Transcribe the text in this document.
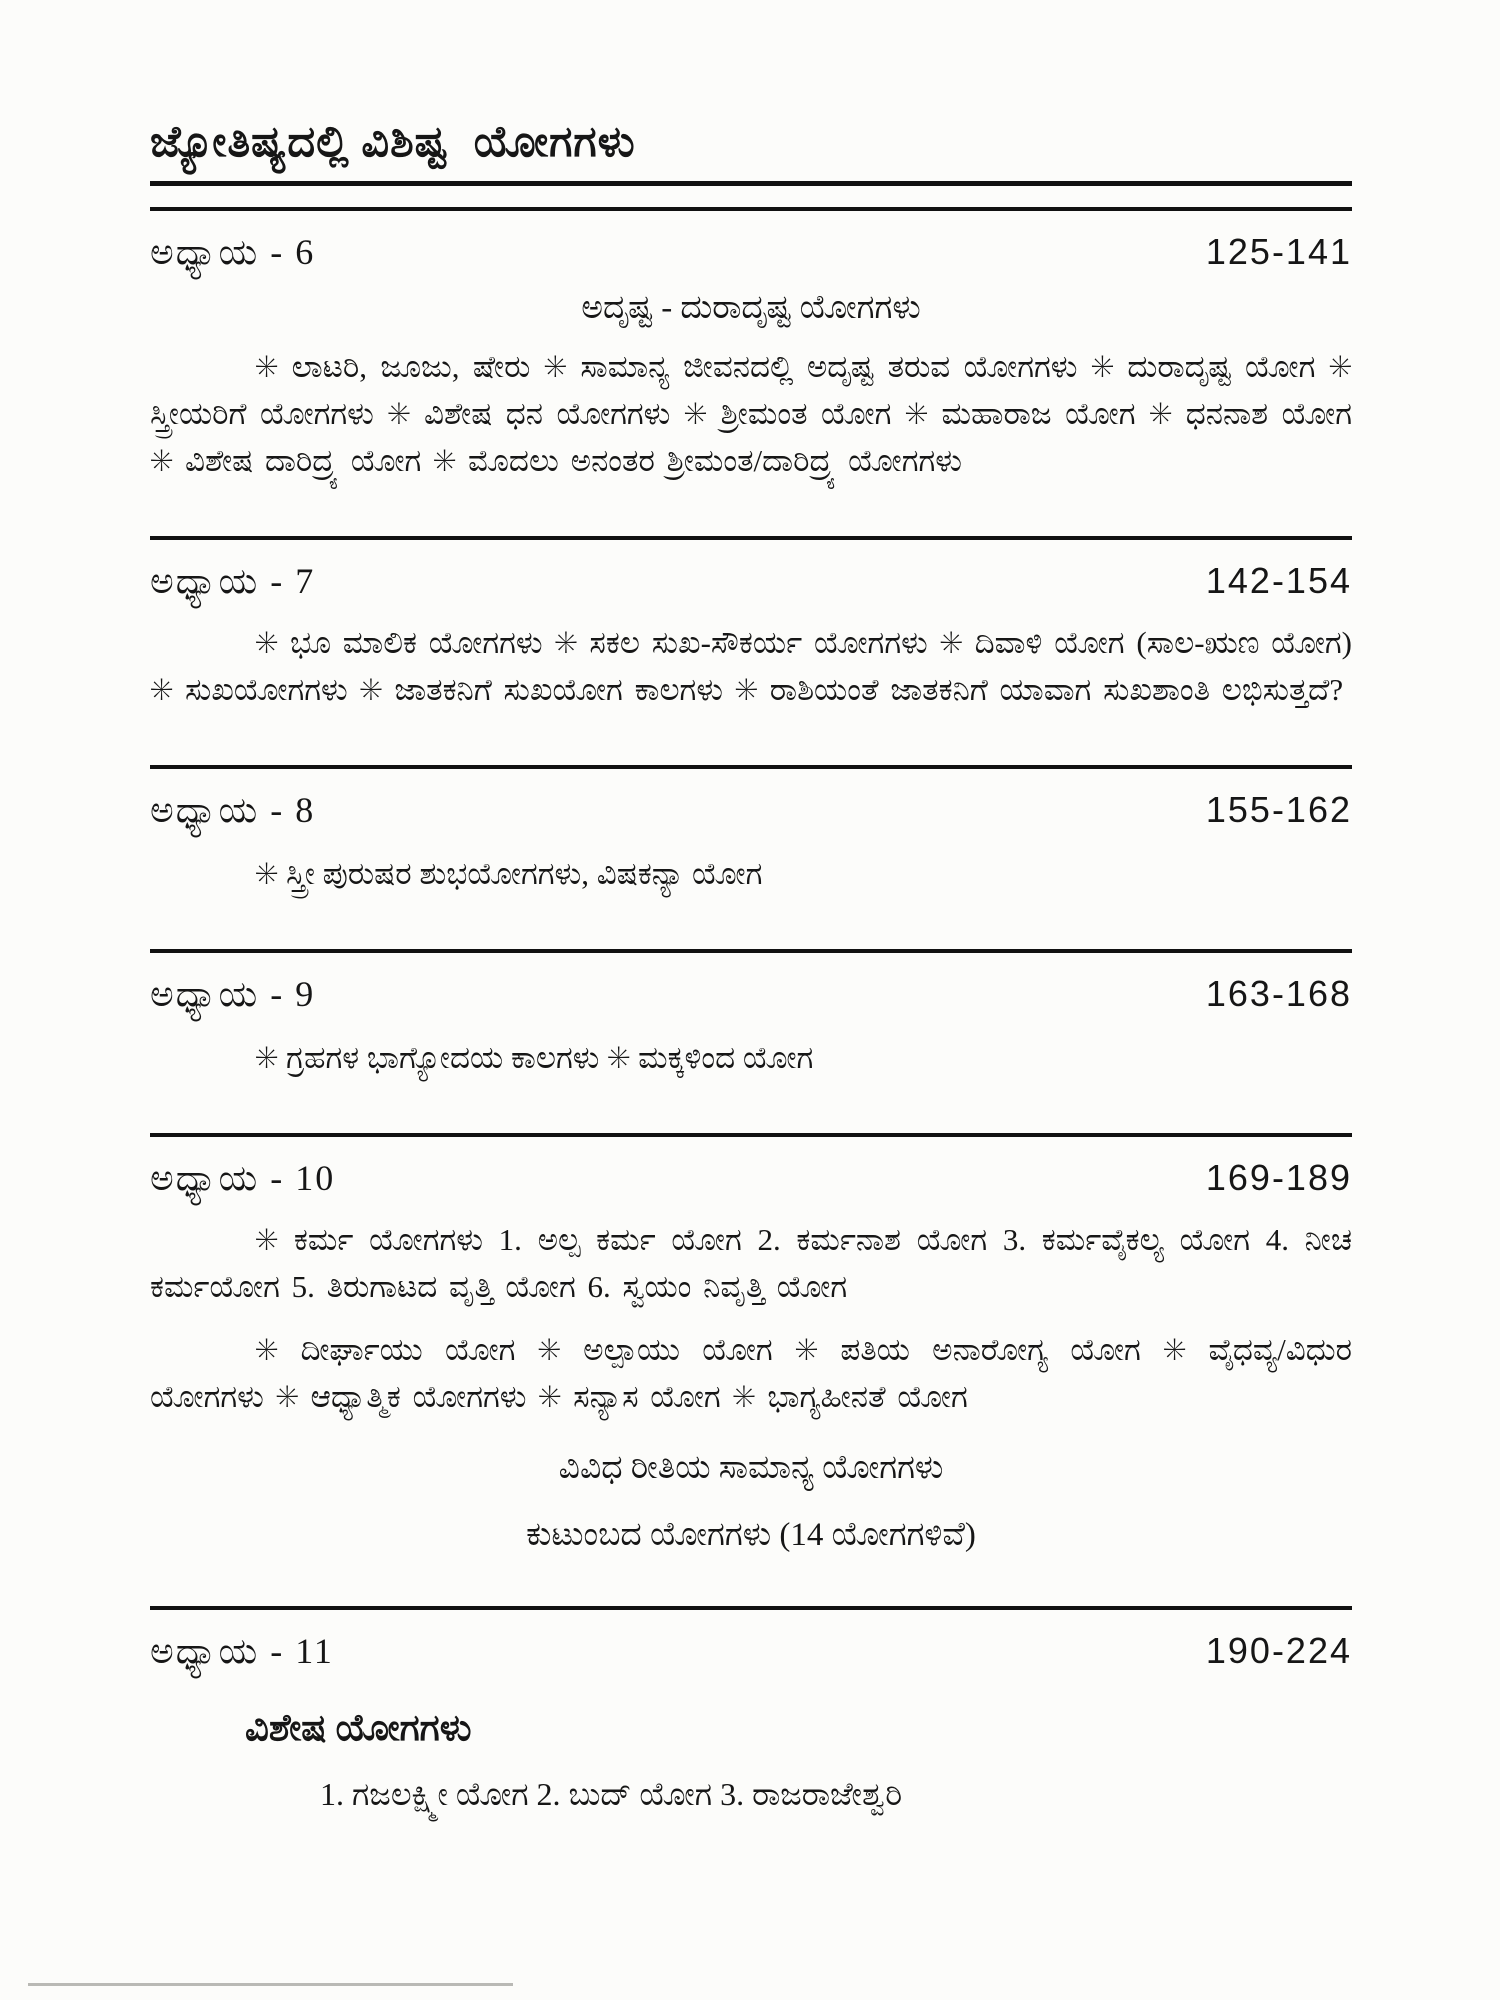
ಜ್ಯೋತಿಷ್ಯದಲ್ಲಿ ವಿಶಿಷ್ಟ ಯೋಗಗಳು
ಅಧ್ಯಾಯ - 6	125-141
ಅದೃಷ್ಟ - ದುರಾದೃಷ್ಟ ಯೋಗಗಳು

✳ ಲಾಟರಿ, ಜೂಜು, ಷೇರು ✳ ಸಾಮಾನ್ಯ ಜೀವನದಲ್ಲಿ ಅದೃಷ್ಟ ತರುವ ಯೋಗಗಳು ✳ ದುರಾದೃಷ್ಟ ಯೋಗ ✳ ಸ್ತ್ರೀಯರಿಗೆ ಯೋಗಗಳು ✳ ವಿಶೇಷ ಧನ ಯೋಗಗಳು ✳ ಶ್ರೀಮಂತ ಯೋಗ ✳ ಮಹಾರಾಜ ಯೋಗ ✳ ಧನನಾಶ ಯೋಗ ✳ ವಿಶೇಷ ದಾರಿದ್ರ್ಯ ಯೋಗ ✳ ಮೊದಲು ಅನಂತರ ಶ್ರೀಮಂತ/ದಾರಿದ್ರ್ಯ ಯೋಗಗಳು

ಅಧ್ಯಾಯ - 7	142-154

✳ ಭೂ ಮಾಲಿಕ ಯೋಗಗಳು ✳ ಸಕಲ ಸುಖ-ಸೌಕರ್ಯ ಯೋಗಗಳು ✳ ದಿವಾಳಿ ಯೋಗ (ಸಾಲ-ಋಣ ಯೋಗ) ✳ ಸುಖಯೋಗಗಳು ✳ ಜಾತಕನಿಗೆ ಸುಖಯೋಗ ಕಾಲಗಳು ✳ ರಾಶಿಯಂತೆ ಜಾತಕನಿಗೆ ಯಾವಾಗ ಸುಖಶಾಂತಿ ಲಭಿಸುತ್ತದೆ?

ಅಧ್ಯಾಯ - 8	155-162
✳ ಸ್ತ್ರೀ ಪುರುಷರ ಶುಭಯೋಗಗಳು, ವಿಷಕನ್ಯಾ ಯೋಗ
ಅಧ್ಯಾಯ - 9	163-168
✳ ಗ್ರಹಗಳ ಭಾಗ್ಯೋದಯ ಕಾಲಗಳು ✳ ಮಕ್ಕಳಿಂದ ಯೋಗ
ಅಧ್ಯಾಯ - 10	169-189

✳ ಕರ್ಮ ಯೋಗಗಳು 1. ಅಲ್ಪ ಕರ್ಮ ಯೋಗ 2. ಕರ್ಮನಾಶ ಯೋಗ 3. ಕರ್ಮವೈಕಲ್ಯ ಯೋಗ 4. ನೀಚ ಕರ್ಮಯೋಗ 5. ತಿರುಗಾಟದ ವೃತ್ತಿ ಯೋಗ 6. ಸ್ವಯಂ ನಿವೃತ್ತಿ ಯೋಗ

✳ ದೀರ್ಘಾಯು ಯೋಗ ✳ ಅಲ್ಪಾಯು ಯೋಗ ✳ ಪತಿಯ ಅನಾರೋಗ್ಯ ಯೋಗ ✳ ವೈಧವ್ಯ/ವಿಧುರ ಯೋಗಗಳು ✳ ಆಧ್ಯಾತ್ಮಿಕ ಯೋಗಗಳು ✳ ಸನ್ಯಾಸ ಯೋಗ ✳ ಭಾಗ್ಯಹೀನತೆ ಯೋಗ

ವಿವಿಧ ರೀತಿಯ ಸಾಮಾನ್ಯ ಯೋಗಗಳು
ಕುಟುಂಬದ ಯೋಗಗಳು (14 ಯೋಗಗಳಿವೆ)
ಅಧ್ಯಾಯ - 11	190-224
ವಿಶೇಷ ಯೋಗಗಳು
1. ಗಜಲಕ್ಷ್ಮೀ ಯೋಗ 2. ಬುದ್ ಯೋಗ 3. ರಾಜರಾಜೇಶ್ವರಿ
